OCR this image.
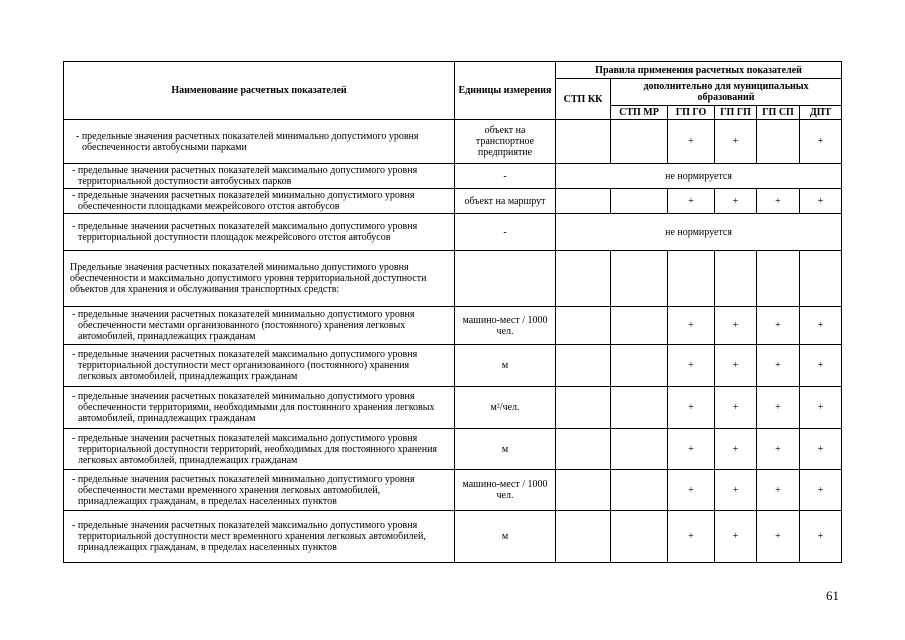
Наименование расчетных показателей	Единицы измерения	Правила применения расчетных показателей					
		СТП КК	дополнительно для муниципальных образований				
			СТП МР	ГП ГО	ГП ГП	ГП СП	ДПТ
- предельные значения расчетных показателей минимально допустимого уровня обеспеченности автобусными парками	объект на транспортное предприятие			+	+		+
- предельные значения расчетных показателей максимально допустимого уровня территориальной доступности автобусных парков	-	не нормируется					
- предельные значения расчетных показателей минимально допустимого уровня обеспеченности площадками межрейсового отстоя автобусов	объект на маршрут			+	+	+	+
- предельные значения расчетных показателей максимально допустимого уровня территориальной доступности площадок межрейсового отстоя автобусов	-	не нормируется					
Предельные значения расчетных показателей минимально допустимого уровня обеспеченности и максимально допустимого уровня территориальной доступности объектов для хранения и обслуживания транспортных средств:							
- предельные значения расчетных показателей минимально допустимого уровня обеспеченности местами организованного (постоянного) хранения легковых автомобилей, принадлежащих гражданам	машино-мест / 1000 чел.			+	+	+	+
- предельные значения расчетных показателей максимально допустимого уровня территориальной доступности мест организованного (постоянного) хранения легковых автомобилей, принадлежащих гражданам	м			+	+	+	+
- предельные значения расчетных показателей минимально допустимого уровня обеспеченности территориями, необходимыми для постоянного хранения легковых автомобилей, принадлежащих гражданам	м²/чел.			+	+	+	+
- предельные значения расчетных показателей максимально допустимого уровня территориальной доступности территорий, необходимых для постоянного хранения легковых автомобилей, принадлежащих гражданам	м			+	+	+	+
- предельные значения расчетных показателей минимально допустимого уровня обеспеченности местами временного хранения легковых автомобилей, принадлежащих гражданам, в пределах населенных пунктов	машино-мест / 1000 чел.			+	+	+	+
- предельные значения расчетных показателей максимально допустимого уровня территориальной доступности мест временного хранения легковых автомобилей, принадлежащих гражданам, в пределах населенных пунктов	м			+	+	+	+
61
